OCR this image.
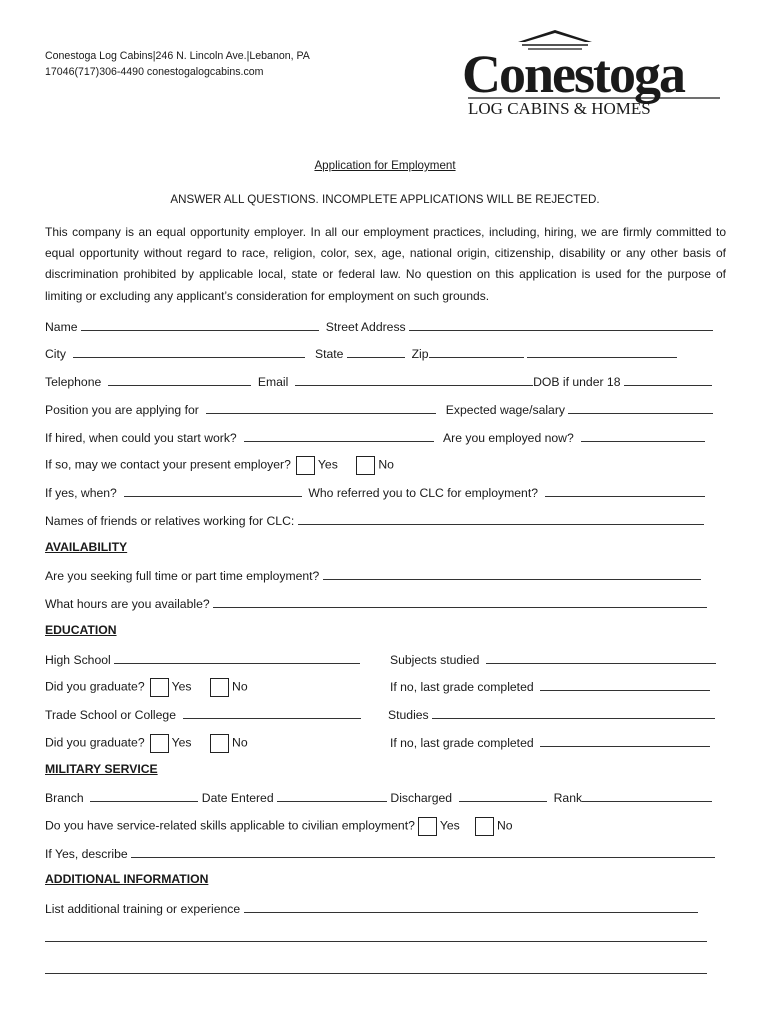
Conestoga Log Cabins|246 N. Lincoln Ave.|Lebanon, PA
17046(717)306-4490 conestogalogcabins.com	Conestoga
LOG CABINS & HOMES
Application for Employment
ANSWER ALL QUESTIONS. INCOMPLETE APPLICATIONS WILL BE REJECTED.
This company is an equal opportunity employer. In all our employment practices, including, hiring, we are firmly committed to equal opportunity without regard to race, religion, color, sex, age, national origin, citizenship, disability or any other basis of discrimination prohibited by applicable local, state or federal law. No question on this application is used for the purpose of limiting or excluding any applicant’s consideration for employment on such grounds.
Name	Street Address
City	State	Zip
Telephone	Email	DOB if under 18
Position you are applying for	Expected wage/salary
If hired, when could you start work?	Are you employed now?
If so, may we contact your present employer? Yes	No
If yes, when?	Who referred you to CLC for employment?
Names of friends or relatives working for CLC:
AVAILABILITY
Are you seeking full time or part time employment?
What hours are you available?
EDUCATION
High School	Subjects studied
Did you graduate? Yes	No	If no, last grade completed
Trade School or College	Studies
Did you graduate? Yes	No	If no, last grade completed
MILITARY SERVICE
Branch	Date Entered	Discharged	Rank
Do you have service-related skills applicable to civilian employment? Yes	No
If Yes, describe
ADDITIONAL INFORMATION
List additional training or experience
